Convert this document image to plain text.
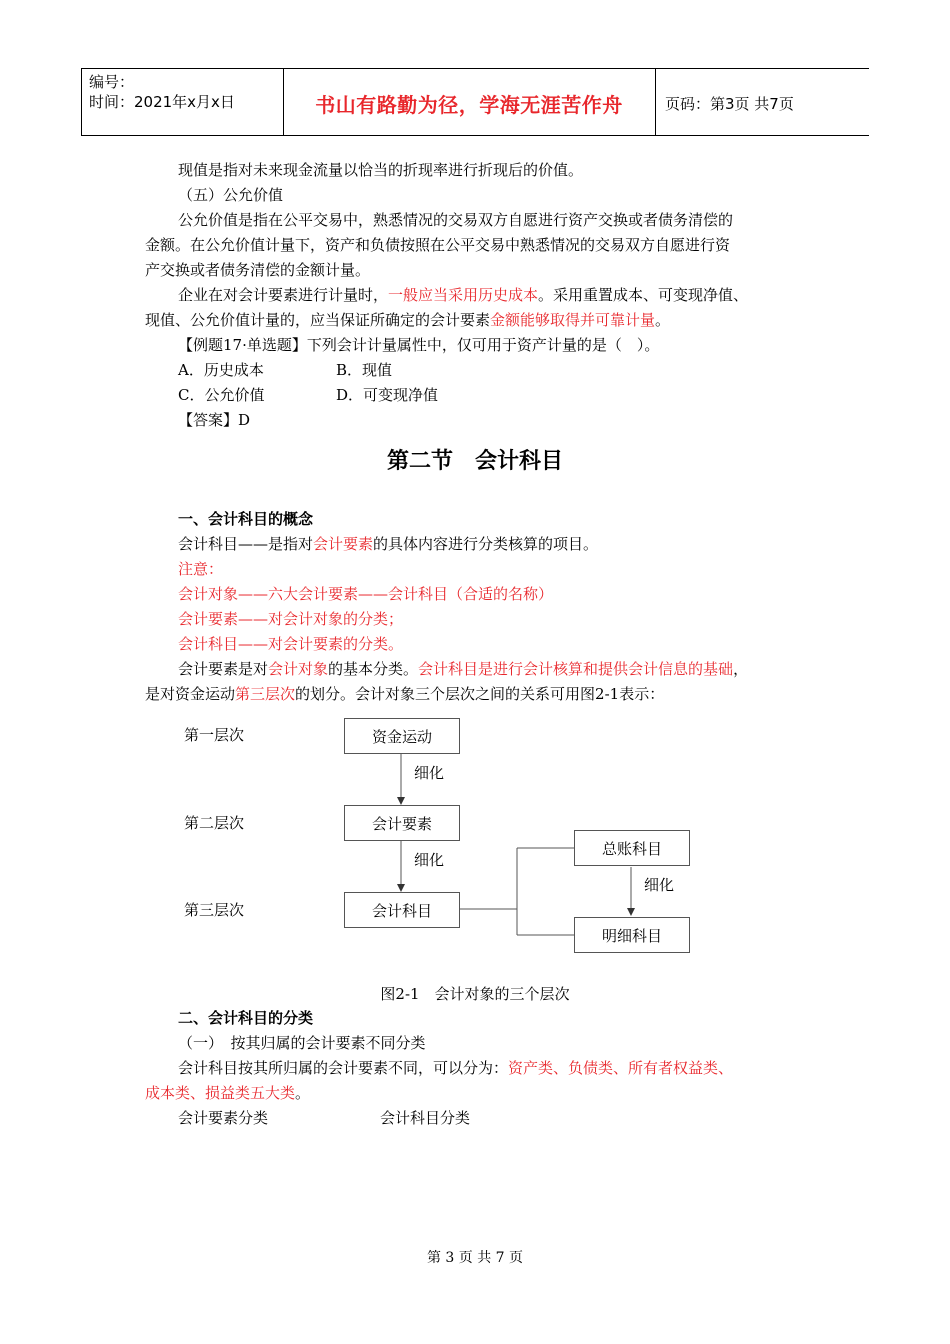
编号：
时间：2021年x月x日	书山有路勤为径，学海无涯苦作舟	页码：第3页 共7页
现值是指对未来现金流量以恰当的折现率进行折现后的价值。
（五）公允价值
公允价值是指在公平交易中，熟悉情况的交易双方自愿进行资产交换或者债务清偿的
金额。在公允价值计量下，资产和负债按照在公平交易中熟悉情况的交易双方自愿进行资
产交换或者债务清偿的金额计量。
企业在对会计要素进行计量时，一般应当采用历史成本。采用重置成本、可变现净值、
现值、公允价值计量的，应当保证所确定的会计要素金额能够取得并可靠计量。
【例题17·单选题】下列会计计量属性中，仅可用于资产计量的是（　）。
A．历史成本	B．现值
C．公允价值	D．可变现净值
【答案】D
第二节　会计科目
一、会计科目的概念
会计科目——是指对会计要素的具体内容进行分类核算的项目。
注意：
会计对象——六大会计要素——会计科目（合适的名称）
会计要素——对会计对象的分类；
会计科目——对会计要素的分类。
会计要素是对会计对象的基本分类。会计科目是进行会计核算和提供会计信息的基础，
是对资金运动第三层次的划分。会计对象三个层次之间的关系可用图2-1表示：
第一层次
第二层次
第三层次
资金运动
会计要素
会计科目
总账科目
明细科目
细化
细化
细化
图2-1　会计对象的三个层次
二、会计科目的分类
（一）　按其归属的会计要素不同分类
会计科目按其所归属的会计要素不同，可以分为：资产类、负债类、所有者权益类、
成本类、损益类五大类。
会计要素分类	会计科目分类
第 3 页 共 7 页
